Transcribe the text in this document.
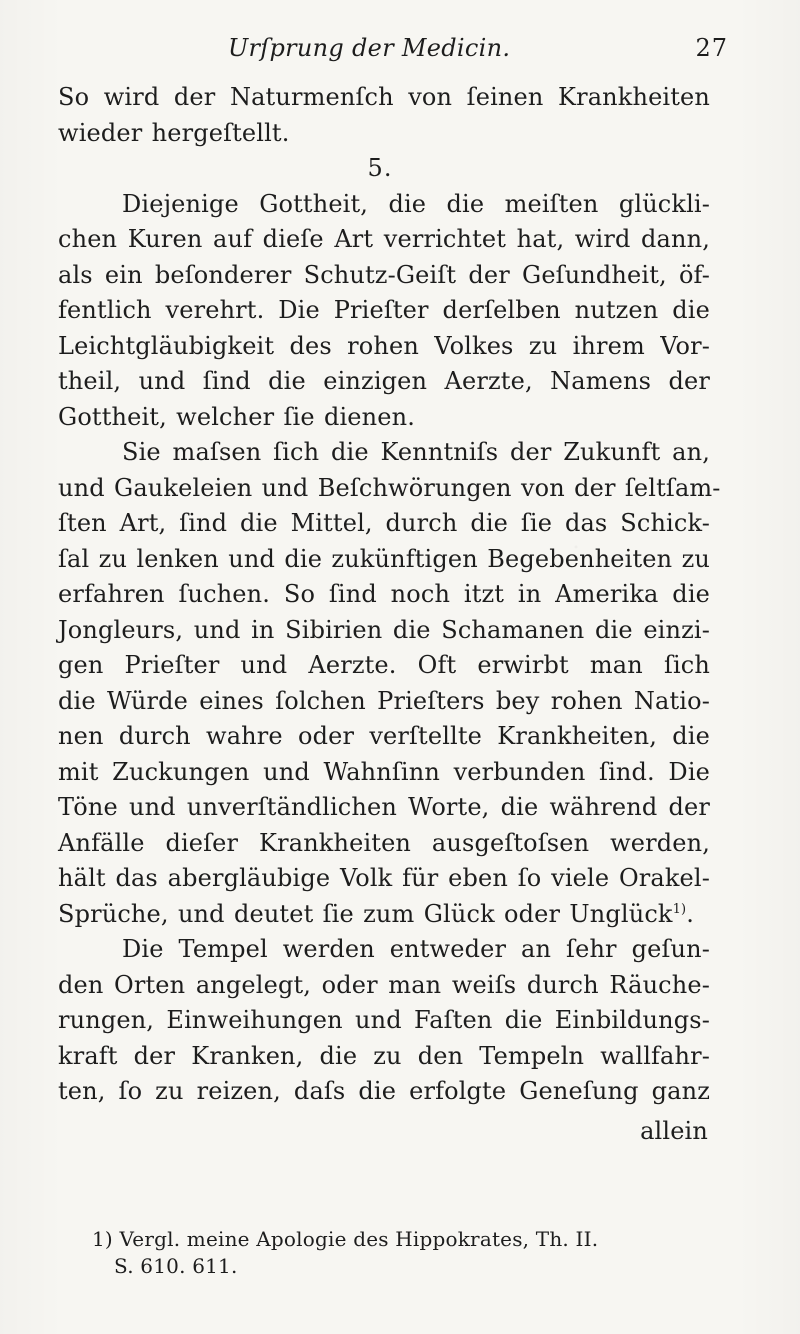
Urſprung der Medicin.	27
So wird der Naturmenſch von ſeinen Krankheiten
wieder hergeſtellt.
5.
Diejenige Gottheit, die die meiſten glückli-
chen Kuren auf dieſe Art verrichtet hat, wird dann,
als ein beſonderer Schutz-Geiſt der Geſundheit, öf-
fentlich verehrt. Die Prieſter derſelben nutzen die
Leichtgläubigkeit des rohen Volkes zu ihrem Vor-
theil, und ſind die einzigen Aerzte, Namens der
Gottheit, welcher ſie dienen.
Sie maſsen ſich die Kenntniſs der Zukunft an,
und Gaukeleien und Beſchwörungen von der ſeltſam-
ſten Art, ſind die Mittel, durch die ſie das Schick-
ſal zu lenken und die zukünftigen Begebenheiten zu
erfahren ſuchen. So ſind noch itzt in Amerika die
Jongleurs, und in Sibirien die Schamanen die einzi-
gen Prieſter und Aerzte. Oft erwirbt man ſich
die Würde eines ſolchen Prieſters bey rohen Natio-
nen durch wahre oder verſtellte Krankheiten, die
mit Zuckungen und Wahnſinn verbunden ſind. Die
Töne und unverſtändlichen Worte, die während der
Anfälle dieſer Krankheiten ausgeſtoſsen werden,
hält das abergläubige Volk für eben ſo viele Orakel-
Sprüche, und deutet ſie zum Glück oder Unglück$^{1)}$.
Die Tempel werden entweder an ſehr geſun-
den Orten angelegt, oder man weiſs durch Räuche-
rungen, Einweihungen und Faſten die Einbildungs-
kraft der Kranken, die zu den Tempeln wallfahr-
ten, ſo zu reizen, daſs die erfolgte Geneſung ganz
allein
1) Vergl. meine Apologie des Hippokrates, Th. II.
S. 610. 611.
